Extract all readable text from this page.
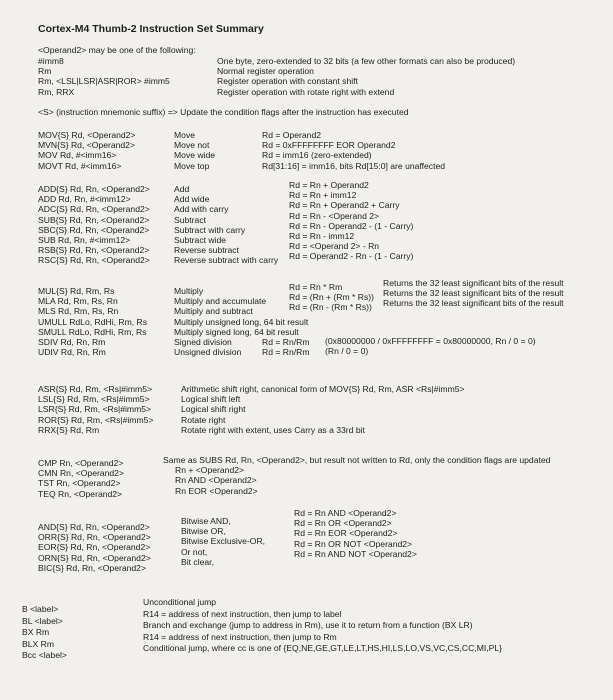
Cortex-M4 Thumb-2 Instruction Set Summary
<Operand2> may be one of the following:
#imm8
Rm
Rm, <LSL|LSR|ASR|ROR> #imm5
Rm, RRX
One byte, zero-extended to 32 bits (a few other formats can also be produced)
Normal register operation
Register operation with constant shift
Register operation with rotate right with extend
<S> (instruction mnemonic suffix) => Update the condition flags after the instruction has executed
MOV{S} Rd, <Operand2>
MVN{S} Rd, <Operand2>
MOV Rd, #<imm16>
MOVT Rd, #<imm16>
Move
Move not
Move wide
Move top
Rd = Operand2
Rd = 0xFFFFFFFF EOR Operand2
Rd = imm16 (zero-extended)
Rd[31:16] = imm16, bits Rd[15:0] are unaffected
ADD{S} Rd, Rn, <Operand2>
ADD Rd, Rn, #<imm12>
ADC{S} Rd, Rn, <Operand2>
SUB{S} Rd, Rn, <Operand2>
SBC{S} Rd, Rn, <Operand2>
SUB Rd, Rn, #<imm12>
RSB{S} Rd, Rn, <Operand2>
RSC{S} Rd, Rn, <Operand2>
Add
Add wide
Add with carry
Subtract
Subtract with carry
Subtract wide
Reverse subtract
Reverse subtract with carry
Rd = Rn + Operand2
Rd = Rn + imm12
Rd = Rn + Operand2 + Carry
Rd = Rn - <Operand 2>
Rd = Rn - Operand2 - (1 - Carry)
Rd = Rn - imm12
Rd = <Operand 2> - Rn
Rd = Operand2 - Rn - (1 - Carry)
MUL{S} Rd, Rm, Rs
MLA Rd, Rm, Rs, Rn
MLS Rd, Rm, Rs, Rn
UMULL RdLo, RdHi, Rm, Rs
SMULL RdLo, RdHi, Rm, Rs
SDIV Rd, Rn, Rm
UDIV Rd, Rn, Rm
Multiply
Multiply and accumulate
Multiply and subtract
Multiply unsigned long, 64 bit result
Multiply signed long, 64 bit result
Signed division
Unsigned division
Rd = Rn * Rm
Rd = (Rn + (Rm * Rs))
Rd = (Rn - (Rm * Rs))
Returns the 32 least significant bits of the result
Returns the 32 least significant bits of the result
Returns the 32 least significant bits of the result
Rd = Rn/Rm
Rd = Rn/Rm
(0x80000000 / 0xFFFFFFFF = 0x80000000, Rn / 0 = 0)
(Rn / 0 = 0)
ASR{S} Rd, Rm, <Rs|#imm5>
LSL{S} Rd, Rm, <Rs|#imm5>
LSR{S} Rd, Rm, <Rs|#imm5>
ROR{S} Rd, Rm, <Rs|#imm5>
RRX{S} Rd, Rm
Arithmetic shift right, canonical form of MOV{S} Rd, Rm, ASR <Rs|#imm5>
Logical shift left
Logical shift right
Rotate right
Rotate right with extent, uses Carry as a 33rd bit
CMP Rn, <Operand2>
CMN Rn, <Operand2>
TST Rn, <Operand2>
TEQ Rn, <Operand2>
Same as SUBS Rd, Rn, <Operand2>, but result not written to Rd, only the condition flags are updated
Rn + <Operand2>
Rn AND <Operand2>
Rn EOR <Operand2>
AND{S} Rd, Rn, <Operand2>
ORR{S} Rd, Rn, <Operand2>
EOR{S} Rd, Rn, <Operand2>
ORN{S} Rd, Rn, <Operand2>
BIC{S} Rd, Rn, <Operand2>
Bitwise AND,
Bitwise OR,
Bitwise Exclusive-OR,
Or not,
Bit clear,
Rd = Rn AND <Operand2>
Rd = Rn OR <Operand2>
Rd = Rn EOR <Operand2>
Rd = Rn OR NOT <Operand2>
Rd = Rn AND NOT <Operand2>
B <label>
BL <label>
BX Rm
BLX Rm
Bcc <label>
Unconditional jump
R14 = address of next instruction, then jump to label
Branch and exchange (jump to address in Rm), use it to return from a function (BX LR)
R14 = address of next instruction, then jump to Rm
Conditional jump, where cc is one of {EQ,NE,GE,GT,LE,LT,HS,HI,LS,LO,VS,VC,CS,CC,MI,PL}
